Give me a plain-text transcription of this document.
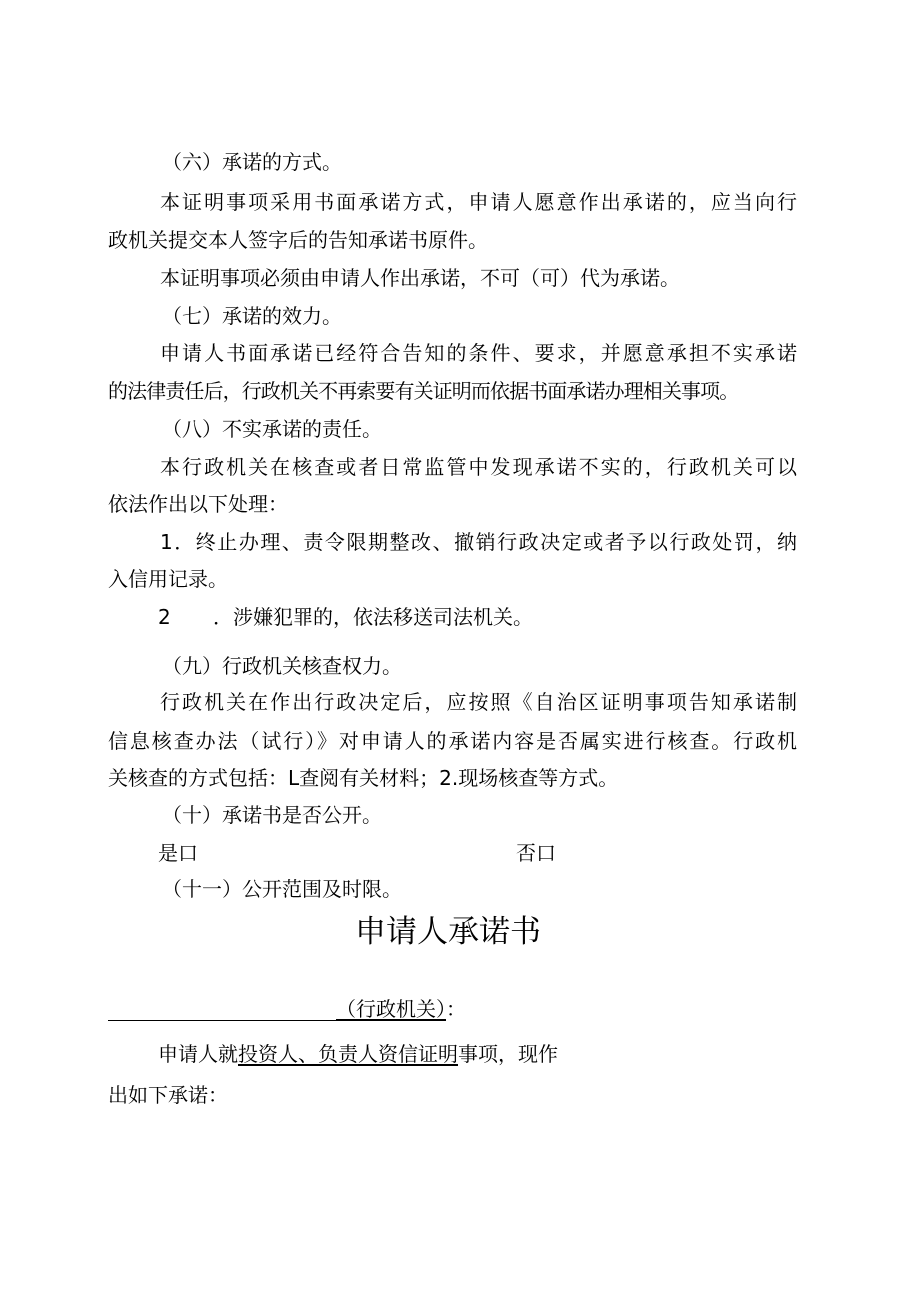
（六）承诺的方式。
本证明事项采用书面承诺方式，申请人愿意作出承诺的，应当向行
政机关提交本人签字后的告知承诺书原件。
本证明事项必须由申请人作出承诺，不可（可）代为承诺。
（七）承诺的效力。
申请人书面承诺已经符合告知的条件、要求，并愿意承担不实承诺
的法律责任后，行政机关不再索要有关证明而依据书面承诺办理相关事项。
（八）不实承诺的责任。
本行政机关在核查或者日常监管中发现承诺不实的，行政机关可以
依法作出以下处理：
1．终止办理、责令限期整改、撤销行政决定或者予以行政处罚，纳
入信用记录。
2 ．涉嫌犯罪的，依法移送司法机关。
（九）行政机关核查权力。
行政机关在作出行政决定后，应按照《自治区证明事项告知承诺制
信息核查办法（试行）》对申请人的承诺内容是否属实进行核查。行政机
关核查的方式包括：L查阅有关材料；2.现场核查等方式。
（十）承诺书是否公开。
是口	否口
（十一）公开范围及时限。
申请人承诺书
（行政机关）：
申请人就投资人、负责人资信证明事项，现作
出如下承诺：
